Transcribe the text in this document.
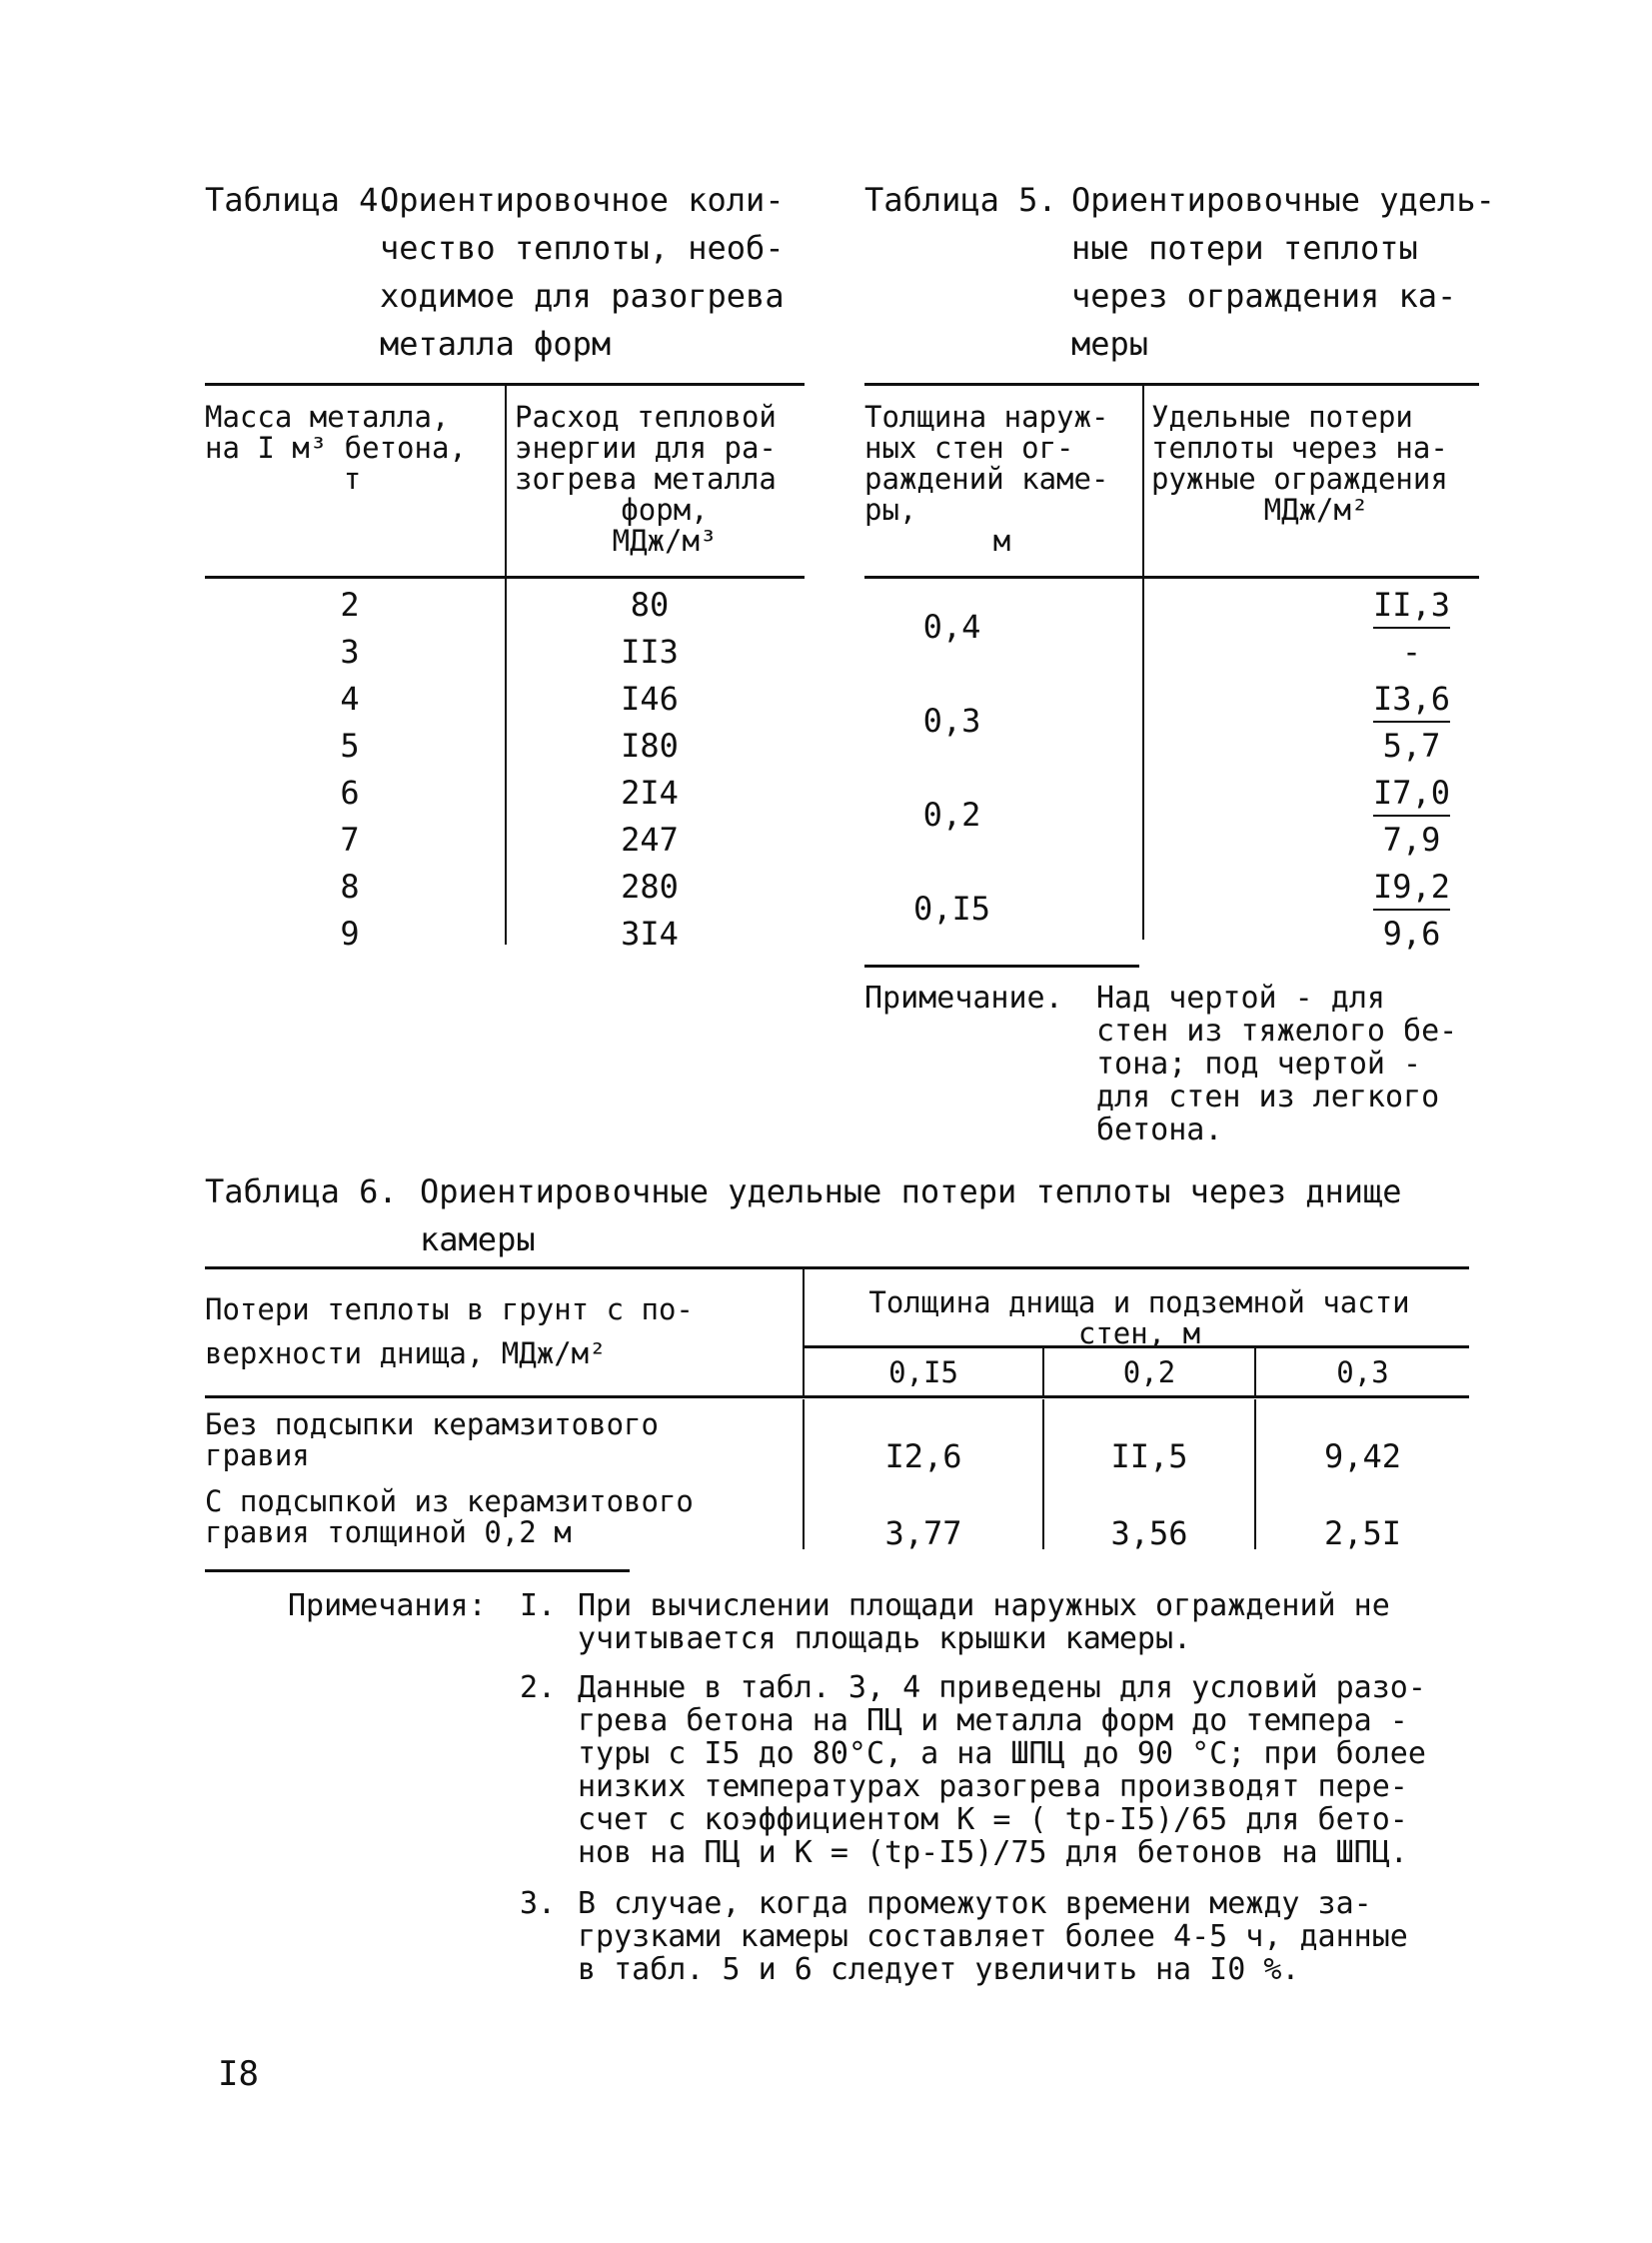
Таблица 4.
Ориентировочное коли-
чество теплоты, необ-
ходимое для разогрева
металла форм
Масса металла,
на I м³ бетона,
т
Расход тепловой
энергии для ра-
зогрева металла
форм,
МДж/м³
2	80
3	II3
4	I46
5	I80
6	2I4
7	247
8	280
9	3I4
Таблица 5. Ориентировочные удель-
ные потери теплоты
через ограждения ка-
меры
Толщина наруж-
ных стен ог-
раждений каме-
ры,
м
Удельные потери
теплоты через на-
ружные ограждения
МДж/м²
0,4	$\frac{II,3}{-}$
0,3	$\frac{I3,6}{5,7}$
0,2	$\frac{I7,0}{7,9}$
0,I5	$\frac{I9,2}{9,6}$
Примечание. Над чертой - для
стен из тяжелого бе-
тона; под чертой -
для стен из легкого
бетона.
Таблица 6. Ориентировочные удельные потери теплоты через днище
камеры
Потери теплоты в грунт с по-
верхности днища, МДж/м²
Толщина днища и подземной части
стен, м
0,I5	0,2	0,3
Без подсыпки керамзитового
гравия	I2,6	II,5	9,42
С подсыпкой из керамзитового
гравия толщиной 0,2 м	3,77	3,56	2,5I
Примечания: I. При вычислении площади наружных ограждений не
учитывается площадь крышки камеры.
2. Данные в табл. 3, 4 приведены для условий разо-
грева бетона на ПЦ и металла форм до темпера -
туры с I5 до 80°С, а на ШПЦ до 90 °С; при более
низких температурах разогрева производят пере-
счет с коэффициентом К = ( tр-I5)/65 для бето-
нов на ПЦ и К = (tр-I5)/75 для бетонов на ШПЦ.
3. В случае, когда промежуток времени между за-
грузками камеры составляет более 4-5 ч, данные
в табл. 5 и 6 следует увеличить на I0 %.
I8
